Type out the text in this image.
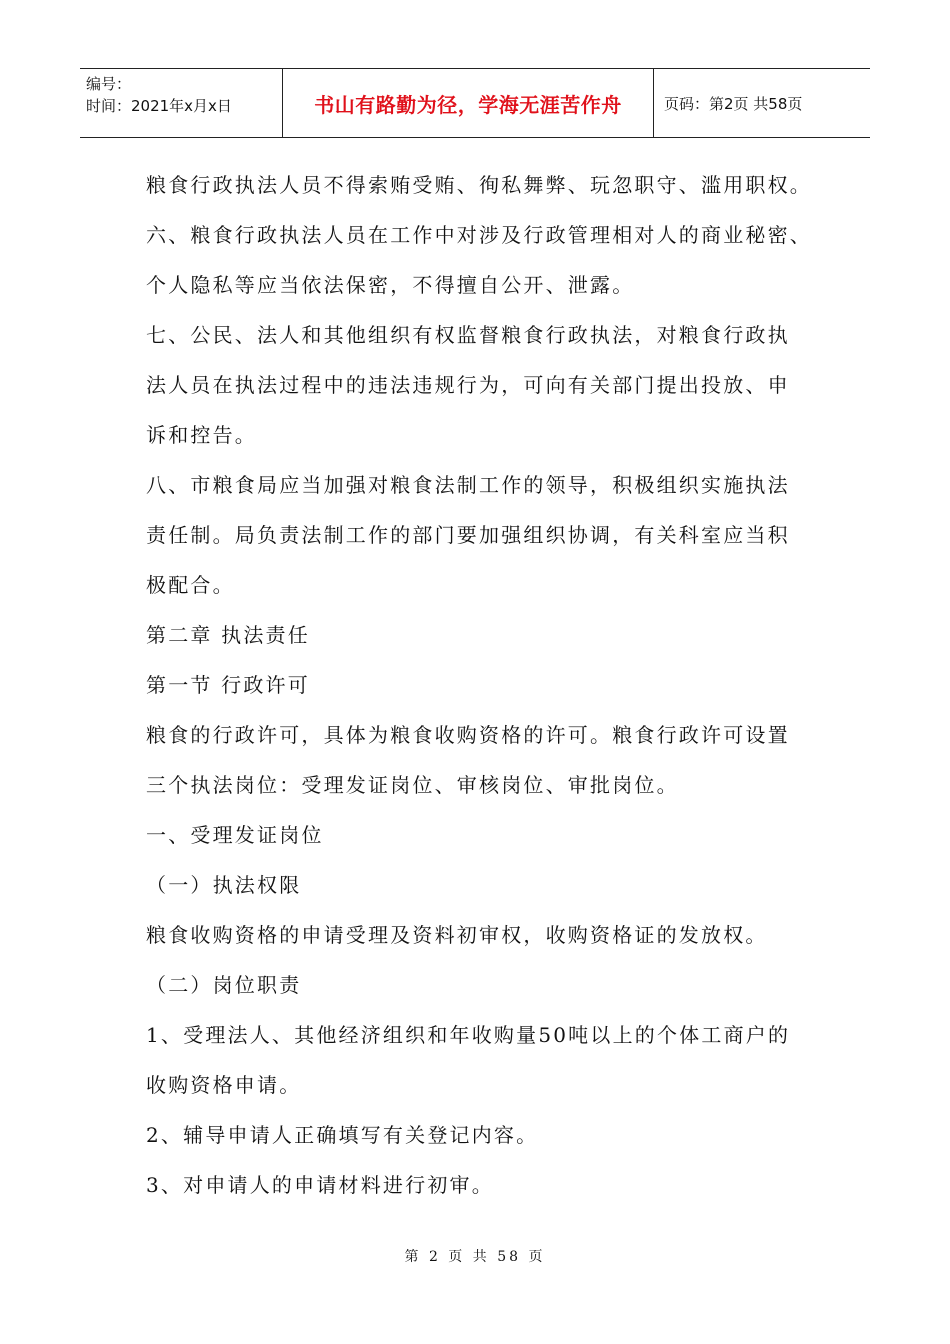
编号：
时间：2021年x月x日	书山有路勤为径，学海无涯苦作舟	页码：第2页 共58页
粮食行政执法人员不得索贿受贿、徇私舞弊、玩忽职守、滥用职权。
六、粮食行政执法人员在工作中对涉及行政管理相对人的商业秘密、
个人隐私等应当依法保密，不得擅自公开、泄露。
七、公民、法人和其他组织有权监督粮食行政执法，对粮食行政执
法人员在执法过程中的违法违规行为，可向有关部门提出投放、申
诉和控告。
八、市粮食局应当加强对粮食法制工作的领导，积极组织实施执法
责任制。局负责法制工作的部门要加强组织协调，有关科室应当积
极配合。
第二章 执法责任
第一节 行政许可
粮食的行政许可，具体为粮食收购资格的许可。粮食行政许可设置
三个执法岗位：受理发证岗位、审核岗位、审批岗位。
一、受理发证岗位
（一）执法权限
粮食收购资格的申请受理及资料初审权，收购资格证的发放权。
（二）岗位职责
1、受理法人、其他经济组织和年收购量50吨以上的个体工商户的
收购资格申请。
2、辅导申请人正确填写有关登记内容。
3、对申请人的申请材料进行初审。
第 2 页 共 58 页
